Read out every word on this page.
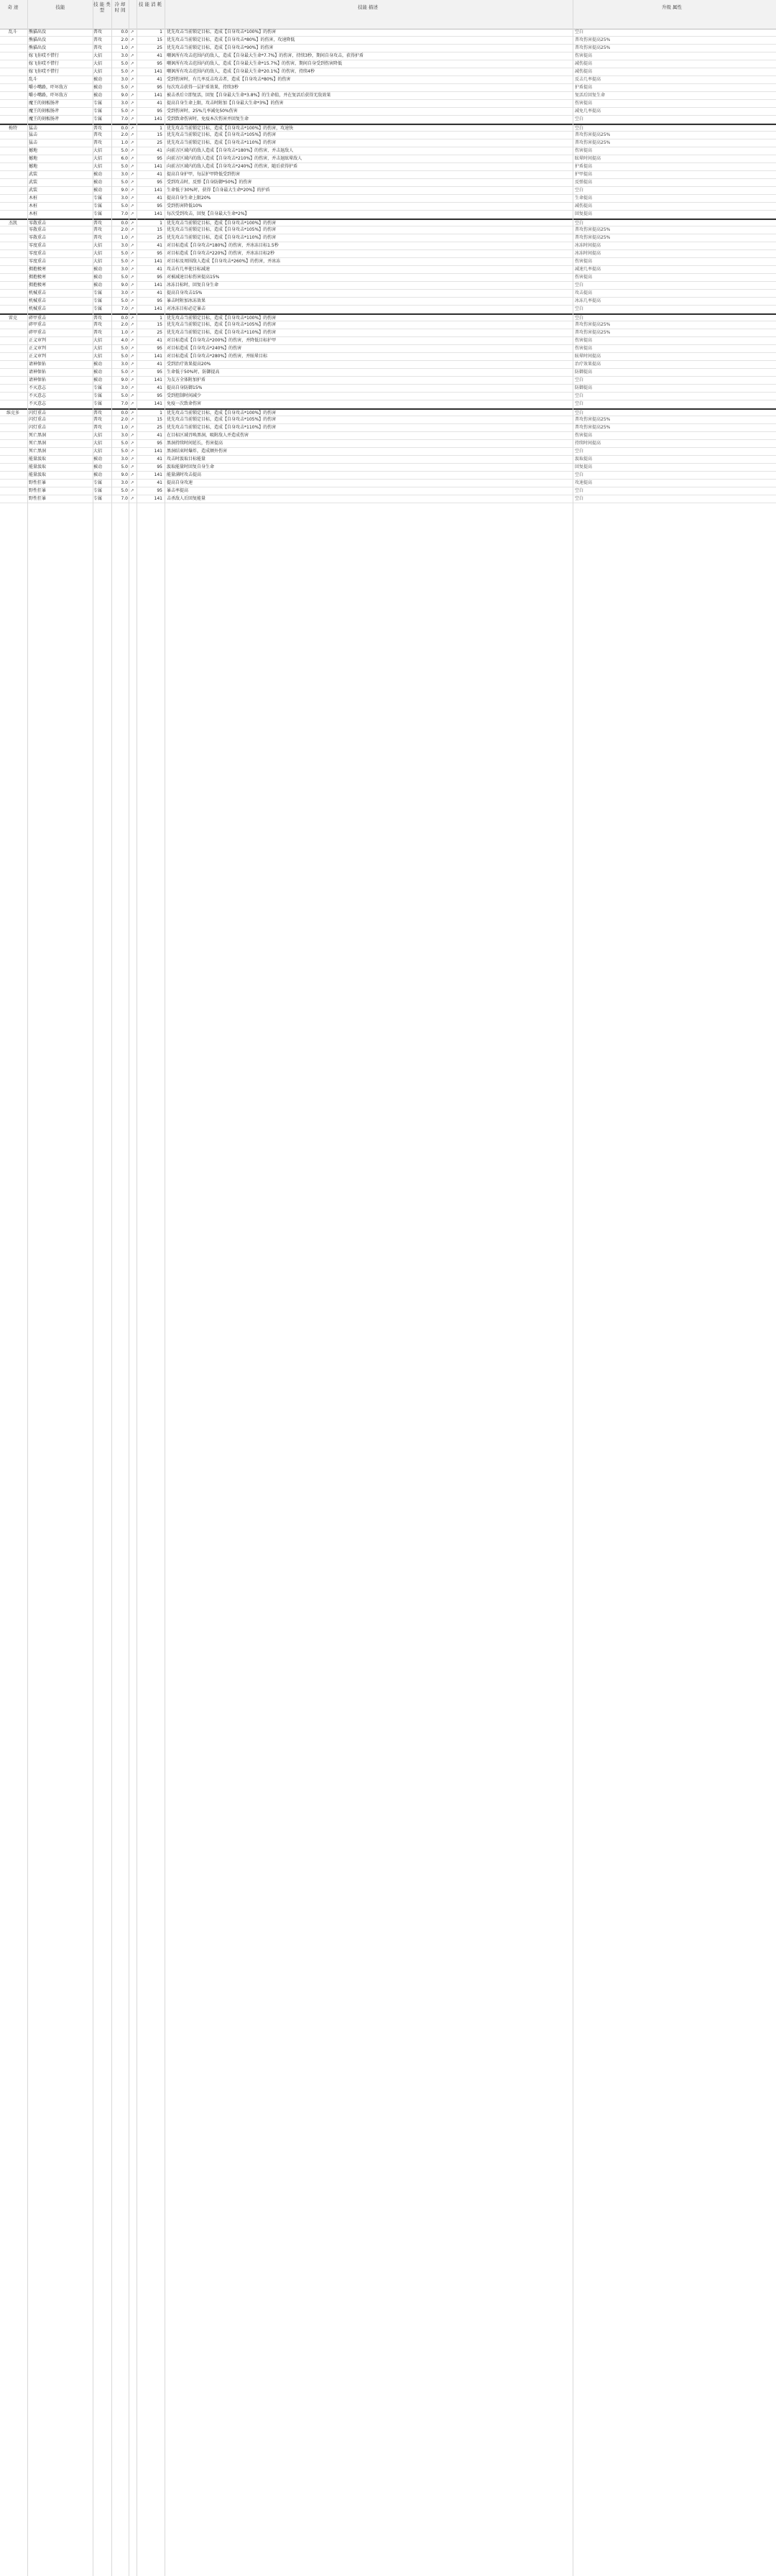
奇 迹	技能	技 能 类 型
冷 却 时 间
技 能 消 耗	技能 描述	升级 属性
乱斗	熊貓出没	普攻	0.0 ↗	1 优先攻击当前锁定目标，造成【自身攻击*100%】的伤害	空白
熊貓出没	普攻	2.0 ↗	15 优先攻击当前锁定目标，造成【自身攻击*80%】的伤害，攻速降低	普攻伤害提高25%
熊貓出没	普攻	1.0 ↗	25 优先攻击当前锁定目标，造成【自身攻击*90%】的伤害	普攻伤害提高25%
嫁飞你哎不惜行	大招	3.0 ↗	41 嘲讽所有攻击范围内的敌人，造成【自身最大生命*7.7%】的伤害，持续3秒，期间自身攻击，获得护盾	伤害提高
嫁飞你哎不惜行	大招	5.0 ↗	95 嘲讽所有攻击范围内的敌人，造成【自身最大生命*15.7%】的伤害，期间自身受到伤害降低	减伤提高
嫁飞你哎不惜行	大招	5.0 ↗	141 嘲讽所有攻击范围内的敌人，造成【自身最大生命*20.1%】的伤害，持续4秒	减伤提高
乱斗	被动	3.0 ↗	41 受到伤害时，有几率反击攻击者，造成【自身攻击*80%】的伤害	反击几率提高
嚼小嘴路，吓坏敌方	被动	5.0 ↗	95 每次攻击获得一层护盾效果，持续3秒	护盾提高
嚼小嘴路，吓坏敌方	被动	9.0 ↗	141 被击杀后立即复活，回复【自身最大生命*3.8%】的生命值，并在复活后获得无敌效果	复活后回复生命
魔王的刻板肠斧	专属	3.0 ↗	41 提高自身生命上限，攻击时附加【自身最大生命*3%】的伤害	伤害提高
魔王的刻板肠斧	专属	5.0 ↗	95 受到伤害时，25%几率减免50%伤害	减免几率提高
魔王的刻板肠斧	专属	7.0 ↗	141 受到致命伤害时，免疫本次伤害并回复生命	空白
梅特	猛击	普攻	0.0 ↗	1 优先攻击当前锁定目标，造成【自身攻击*100%】的伤害，攻速快	空白
猛击	普攻	2.0 ↗	15 优先攻击当前锁定目标，造成【自身攻击*105%】的伤害	普攻伤害提高25%
猛击	普攻	1.0 ↗	25 优先攻击当前锁定目标，造成【自身攻击*110%】的伤害	普攻伤害提高25%
撼地	大招	5.0 ↗	41 向前方区域内的敌人造成【自身攻击*180%】的伤害，并击退敌人	伤害提高
撼地	大招	6.0 ↗	95 向前方区域内的敌人造成【自身攻击*210%】的伤害，并击退眩晕敌人	眩晕时间提高
撼地	大招	5.0 ↗	141 向前方区域内的敌人造成【自身攻击*240%】的伤害，随后获得护盾	护盾提高
武装	被动	3.0 ↗	41 提高自身护甲，每层护甲降低受到伤害	护甲提高
武装	被动	5.0 ↗	95 受到攻击时，反弹【自身防御*50%】的伤害	反弹提高
武装	被动	9.0 ↗	141 生命低于30%时，获得【自身最大生命*20%】的护盾	空白
木桩	专属	3.0 ↗	41 提高自身生命上限20%	生命提高
木桩	专属	5.0 ↗	95 受到伤害降低10%	减伤提高
木桩	专属	7.0 ↗	141 每次受到攻击，回复【自身最大生命*2%】	回复提高
杰凯	零散重击	普攻	0.0 ↗	1 优先攻击当前锁定目标，造成【自身攻击*100%】的伤害	空白
零散重击	普攻	2.0 ↗	15 优先攻击当前锁定目标，造成【自身攻击*105%】的伤害	普攻伤害提高25%
零散重击	普攻	1.0 ↗	25 优先攻击当前锁定目标，造成【自身攻击*110%】的伤害	普攻伤害提高25%
零度重击	大招	3.0 ↗	41 对目标造成【自身攻击*180%】的伤害，并冰冻目标1.5秒	冰冻时间提高
零度重击	大招	5.0 ↗	95 对目标造成【自身攻击*220%】的伤害，并冰冻目标2秒	冰冻时间提高
零度重击	大招	5.0 ↗	141 对目标及周围敌人造成【自身攻击*260%】的伤害，并冰冻	伤害提高
拥抱极寒	被动	3.0 ↗	41 攻击有几率使目标减速	减速几率提高
拥抱极寒	被动	5.0 ↗	95 对被减速目标伤害提高15%	伤害提高
拥抱极寒	被动	9.0 ↗	141 冰冻目标时，回复自身生命	空白
机械重击	专属	3.0 ↗	41 提高自身攻击15%	攻击提高
机械重击	专属	5.0 ↗	95 暴击时附加冰冻效果	冰冻几率提高
机械重击	专属	7.0 ↗	141 对冰冻目标必定暴击	空白
雷克	碎甲重击	普攻	0.0 ↗	1 优先攻击当前锁定目标，造成【自身攻击*100%】的伤害	空白
碎甲重击	普攻	2.0 ↗	15 优先攻击当前锁定目标，造成【自身攻击*105%】的伤害	普攻伤害提高25%
碎甲重击	普攻	1.0 ↗	25 优先攻击当前锁定目标，造成【自身攻击*110%】的伤害	普攻伤害提高25%
正义审判	大招	4.0 ↗	41 对目标造成【自身攻击*200%】的伤害，并降低目标护甲	伤害提高
正义审判	大招	5.0 ↗	95 对目标造成【自身攻击*240%】的伤害	伤害提高
正义审判	大招	5.0 ↗	141 对目标造成【自身攻击*280%】的伤害，并眩晕目标	眩晕时间提高
请神保佑	被动	3.0 ↗	41 受到治疗效果提高20%	治疗效果提高
请神保佑	被动	5.0 ↗	95 生命低于50%时，防御提高	防御提高
请神保佑	被动	9.0 ↗	141 为友方全体附加护盾	空白
不灭意志	专属	3.0 ↗	41 提高自身防御15%	防御提高
不灭意志	专属	5.0 ↗	95 受到控制时间减少	空白
不灭意志	专属	7.0 ↗	141 免疫一次致命伤害	空白
维克多	闪灯重击	普攻	0.0 ↗	1 优先攻击当前锁定目标，造成【自身攻击*100%】的伤害	空白
闪灯重击	普攻	2.0 ↗	15 优先攻击当前锁定目标，造成【自身攻击*105%】的伤害	普攻伤害提高25%
闪灯重击	普攻	1.0 ↗	25 优先攻击当前锁定目标，造成【自身攻击*110%】的伤害	普攻伤害提高25%
死亡黑洞	大招	3.0 ↗	41 在目标区域召唤黑洞，吸附敌人并造成伤害	伤害提高
死亡黑洞	大招	5.0 ↗	95 黑洞持续时间延长，伤害提高	持续时间提高
死亡黑洞	大招	5.0 ↗	141 黑洞结束时爆炸，造成额外伤害	空白
能量汲取	被动	3.0 ↗	41 攻击时汲取目标能量	汲取提高
能量汲取	被动	5.0 ↗	95 汲取能量时回复自身生命	回复提高
能量汲取	被动	9.0 ↗	141 能量满时攻击提高	空白
野性狂暴	专属	3.0 ↗	41 提高自身攻速	攻速提高
野性狂暴	专属	5.0 ↗	95 暴击率提高	空白
野性狂暴	专属	7.0 ↗	141 击杀敌人后回复能量	空白
